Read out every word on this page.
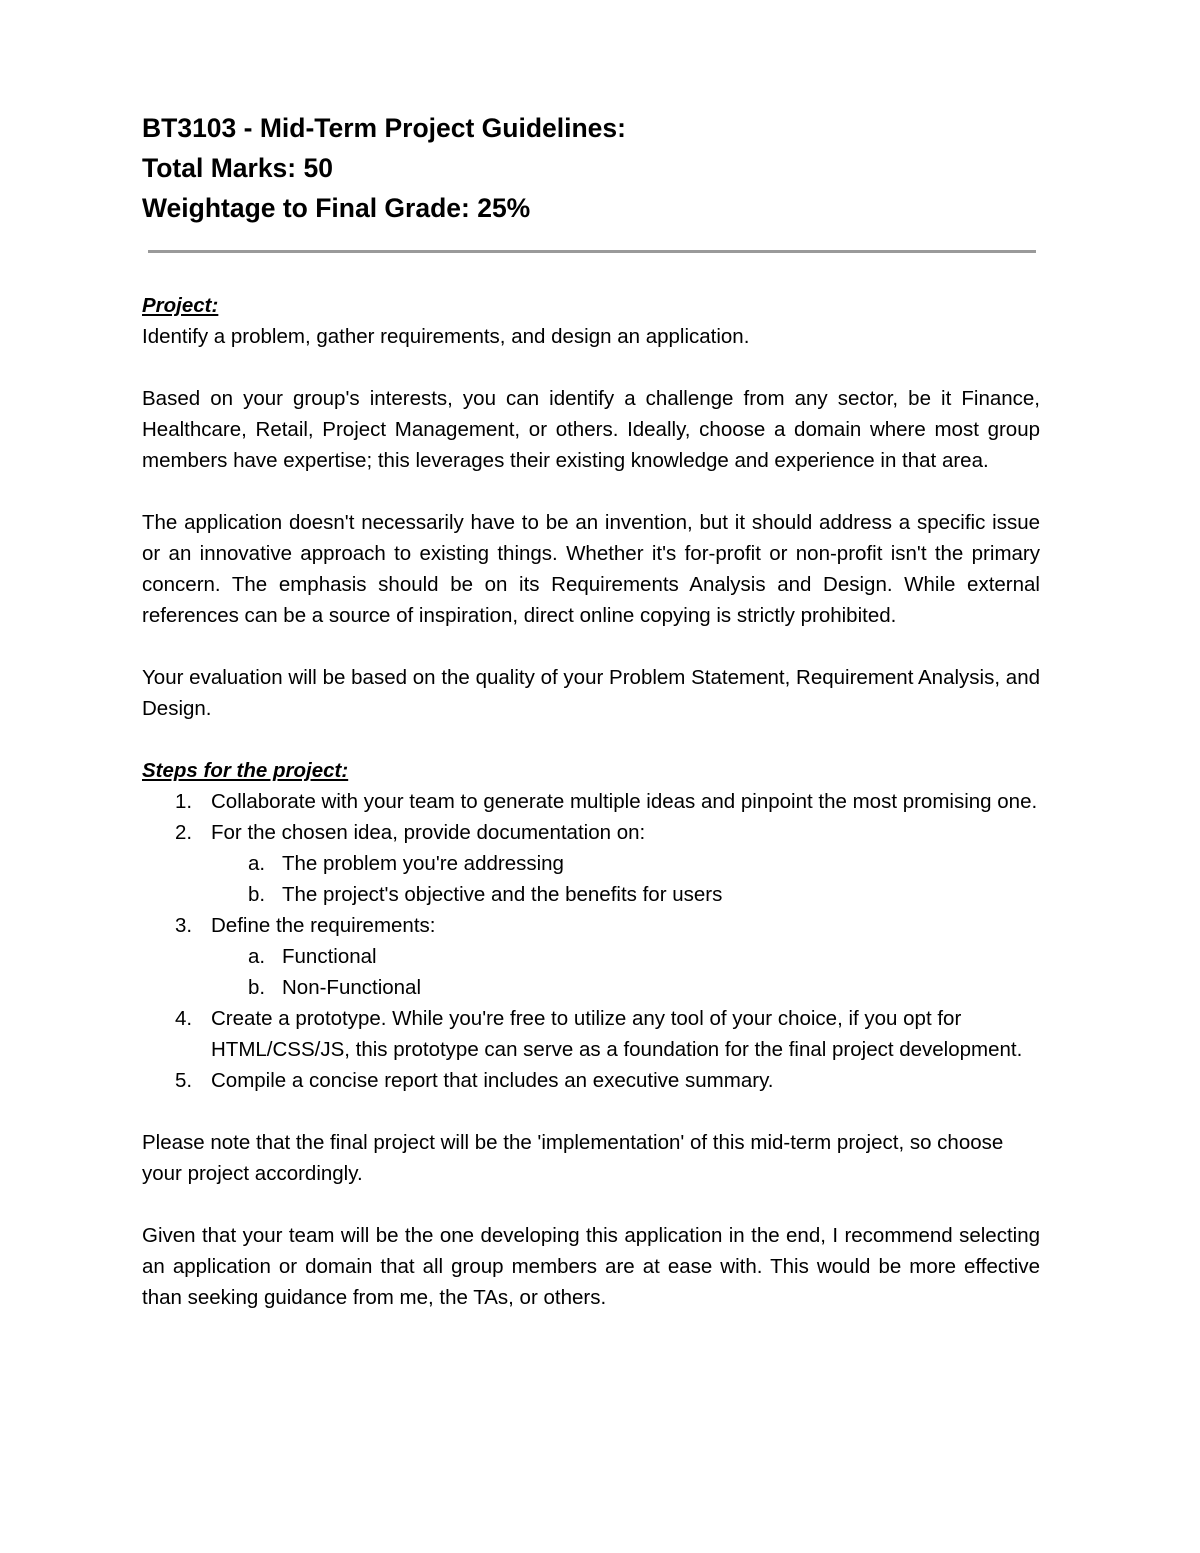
BT3103 - Mid-Term Project Guidelines:
Total Marks: 50
Weightage to Final Grade: 25%
Project:

Identify a problem, gather requirements, and design an application.

Based on your group's interests, you can identify a challenge from any sector, be it Finance, Healthcare, Retail, Project Management, or others. Ideally, choose a domain where most group members have expertise; this leverages their existing knowledge and experience in that area.

The application doesn't necessarily have to be an invention, but it should address a specific issue or an innovative approach to existing things. Whether it's for-profit or non-profit isn't the primary concern. The emphasis should be on its Requirements Analysis and Design. While external references can be a source of inspiration, direct online copying is strictly prohibited.

Your evaluation will be based on the quality of your Problem Statement, Requirement Analysis, and Design.

Steps for the project:
1. Collaborate with your team to generate multiple ideas and pinpoint the most promising one.
2. For the chosen idea, provide documentation on:
a. The problem you're addressing
b. The project's objective and the benefits for users
3. Define the requirements:
a. Functional
b. Non-Functional
4. Create a prototype. While you're free to utilize any tool of your choice, if you opt for HTML/CSS/JS, this prototype can serve as a foundation for the final project development.
5. Compile a concise report that includes an executive summary.

Please note that the final project will be the 'implementation' of this mid-term project, so choose your project accordingly.

Given that your team will be the one developing this application in the end, I recommend selecting an application or domain that all group members are at ease with. This would be more effective than seeking guidance from me, the TAs, or others.
